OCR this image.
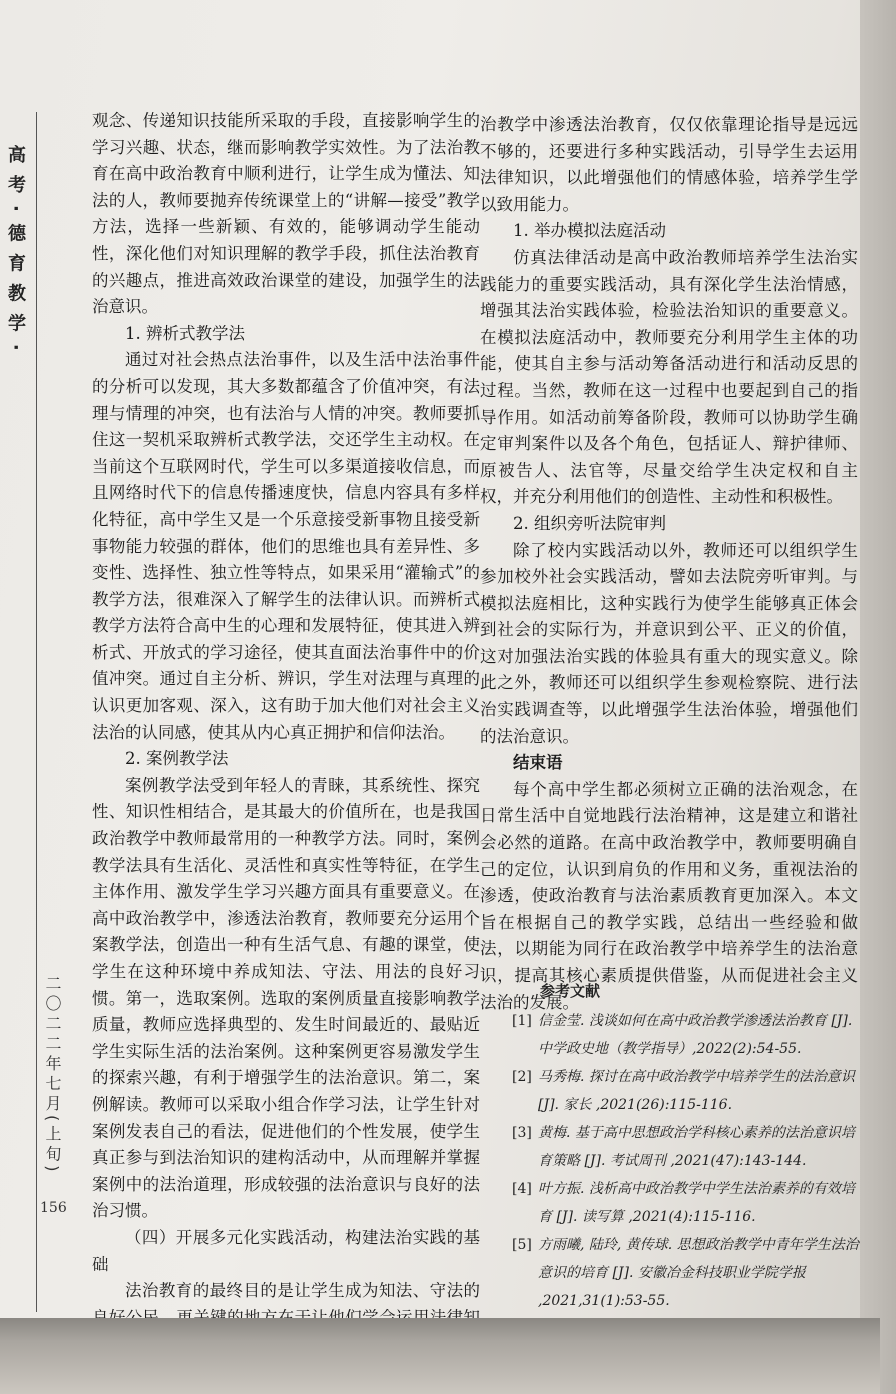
高考·德育教学·
二〇二二年七月(上旬)
156

观念、传递知识技能所采取的手段，直接影响学生的学习兴趣、状态，继而影响教学实效性。为了法治教育在高中政治教育中顺利进行，让学生成为懂法、知法的人，教师要抛弃传统课堂上的“讲解—接受”教学方法，选择一些新颖、有效的，能够调动学生能动性，深化他们对知识理解的教学手段，抓住法治教育的兴趣点，推进高效政治课堂的建设，加强学生的法治意识。

1. 辨析式教学法

通过对社会热点法治事件，以及生活中法治事件的分析可以发现，其大多数都蕴含了价值冲突，有法理与情理的冲突，也有法治与人情的冲突。教师要抓住这一契机采取辨析式教学法，交还学生主动权。在当前这个互联网时代，学生可以多渠道接收信息，而且网络时代下的信息传播速度快，信息内容具有多样化特征，高中学生又是一个乐意接受新事物且接受新事物能力较强的群体，他们的思维也具有差异性、多变性、选择性、独立性等特点，如果采用“灌输式”的教学方法，很难深入了解学生的法律认识。而辨析式教学方法符合高中生的心理和发展特征，使其进入辨析式、开放式的学习途径，使其直面法治事件中的价值冲突。通过自主分析、辨识，学生对法理与真理的认识更加客观、深入，这有助于加大他们对社会主义法治的认同感，使其从内心真正拥护和信仰法治。

2. 案例教学法

案例教学法受到年轻人的青睐，其系统性、探究性、知识性相结合，是其最大的价值所在，也是我国政治教学中教师最常用的一种教学方法。同时，案例教学法具有生活化、灵活性和真实性等特征，在学生主体作用、激发学生学习兴趣方面具有重要意义。在高中政治教学中，渗透法治教育，教师要充分运用个案教学法，创造出一种有生活气息、有趣的课堂，使学生在这种环境中养成知法、守法、用法的良好习惯。第一，选取案例。选取的案例质量直接影响教学质量，教师应选择典型的、发生时间最近的、最贴近学生实际生活的法治案例。这种案例更容易激发学生的探索兴趣，有利于增强学生的法治意识。第二，案例解读。教师可以采取小组合作学习法，让学生针对案例发表自己的看法，促进他们的个性发展，使学生真正参与到法治知识的建构活动中，从而理解并掌握案例中的法治道理，形成较强的法治意识与良好的法治习惯。

（四）开展多元化实践活动，构建法治实践的基础

法治教育的最终目的是让学生成为知法、守法的

治教学中渗透法治教育，仅仅依靠理论指导是远远不够的，还要进行多种实践活动，引导学生去运用法律知识，以此增强他们的情感体验，培养学生学以致用能力。

1. 举办模拟法庭活动

仿真法律活动是高中政治教师培养学生法治实践能力的重要实践活动，具有深化学生法治情感，增强其法治实践体验，检验法治知识的重要意义。在模拟法庭活动中，教师要充分利用学生主体的功能，使其自主参与活动筹备活动进行和活动反思的过程。当然，教师在这一过程中也要起到自己的指导作用。如活动前筹备阶段，教师可以协助学生确定审判案件以及各个角色，包括证人、辩护律师、原被告人、法官等，尽量交给学生决定权和自主权，并充分利用他们的创造性、主动性和积极性。

2. 组织旁听法院审判

除了校内实践活动以外，教师还可以组织学生参加校外社会实践活动，譬如去法院旁听审判。与模拟法庭相比，这种实践行为使学生能够真正体会到社会的实际行为，并意识到公平、正义的价值，这对加强法治实践的体验具有重大的现实意义。除此之外，教师还可以组织学生参观检察院、进行法治实践调查等，以此增强学生法治体验，增强他们的法治意识。

结束语

每个高中学生都必须树立正确的法治观念，在日常生活中自觉地践行法治精神，这是建立和谐社会必然的道路。在高中政治教学中，教师要明确自己的定位，认识到肩负的作用和义务，重视法治的渗透，使政治教育与法治素质教育更加深入。本文旨在根据自己的教学实践，总结出一些经验和做法，以期能为同行在政治教学中培养学生的法治意识，提高其核心素质提供借鉴，从而促进社会主义法治的发展。

参考文献
[1] 信金莹. 浅谈如何在高中政治教学渗透法治教育 [J]. 中学政史地（教学指导）,2022(2):54-55.
[2] 马秀梅. 探讨在高中政治教学中培养学生的法治意识 [J]. 家长 ,2021(26):115-116.
[3] 黄梅. 基于高中思想政治学科核心素养的法治意识培育策略 [J]. 考试周刊 ,2021(47):143-144.
[4] 叶方振. 浅析高中政治教学中学生法治素养的有效培育 [J]. 读写算 ,2021(4):115-116.
[5] 方雨曦, 陆玲, 黄传球. 思想政治教学中青年学生法治意识的培育 [J]. 安徽冶金科技职业学院学报 ,2021,31(1):53-55.
